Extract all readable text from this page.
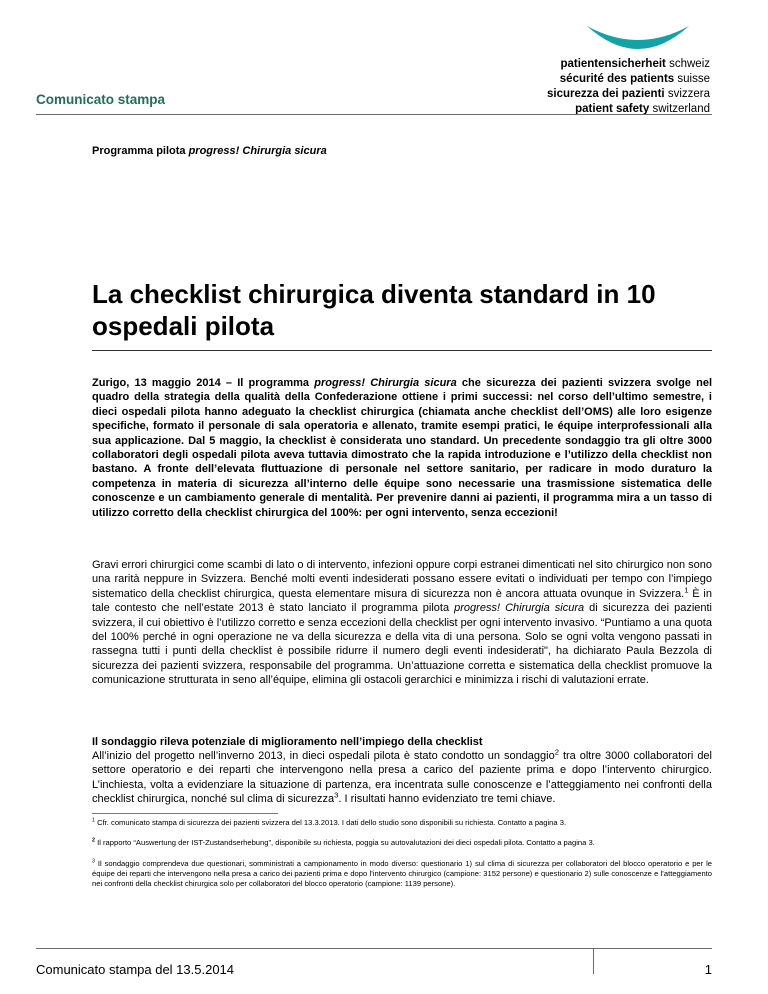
patientensicherheit schweiz
sécurité des patients suisse
sicurezza dei pazienti svizzera
patient safety switzerland
Comunicato stampa
Programma pilota progress! Chirurgia sicura
La checklist chirurgica diventa standard in 10 ospedali pilota

Zurigo, 13 maggio 2014 – Il programma progress! Chirurgia sicura che sicurezza dei pazienti svizzera svolge nel quadro della strategia della qualità della Confederazione ottiene i primi successi: nel corso dell’ultimo semestre, i dieci ospedali pilota hanno adeguato la checklist chirurgica (chiamata anche checklist dell’OMS) alle loro esigenze specifiche, formato il personale di sala operatoria e allenato, tramite esempi pratici, le équipe interprofessionali alla sua applicazione. Dal 5 maggio, la checklist è considerata uno standard. Un precedente sondaggio tra gli oltre 3000 collaboratori degli ospedali pilota aveva tuttavia dimostrato che la rapida introduzione e l’utilizzo della checklist non bastano. A fronte dell’elevata fluttuazione di personale nel settore sanitario, per radicare in modo duraturo la competenza in materia di sicurezza all’interno delle équipe sono necessarie una trasmissione sistematica delle conoscenze e un cambiamento generale di mentalità. Per prevenire danni ai pazienti, il programma mira a un tasso di utilizzo corretto della checklist chirurgica del 100%: per ogni intervento, senza eccezioni!

Gravi errori chirurgici come scambi di lato o di intervento, infezioni oppure corpi estranei dimenticati nel sito chirurgico non sono una rarità neppure in Svizzera. Benché molti eventi indesiderati possano essere evitati o individuati per tempo con l’impiego sistematico della checklist chirurgica, questa elementare misura di sicurezza non è ancora attuata ovunque in Svizzera.$^1$ È in tale contesto che nell’estate 2013 è stato lanciato il programma pilota progress! Chirurgia sicura di sicurezza dei pazienti svizzera, il cui obiettivo è l’utilizzo corretto e senza eccezioni della checklist per ogni intervento invasivo. “Puntiamo a una quota del 100% perché in ogni operazione ne va della sicurezza e della vita di una persona. Solo se ogni volta vengono passati in rassegna tutti i punti della checklist è possibile ridurre il numero degli eventi indesiderati", ha dichiarato Paula Bezzola di sicurezza dei pazienti svizzera, responsabile del programma. Un’attuazione corretta e sistematica della checklist promuove la comunicazione strutturata in seno all’équipe, elimina gli ostacoli gerarchici e minimizza i rischi di valutazioni errate.

Il sondaggio rileva potenziale di miglioramento nell’impiego della checklist

All’inizio del progetto nell’inverno 2013, in dieci ospedali pilota è stato condotto un sondaggio$^2$ tra oltre 3000 collaboratori del settore operatorio e dei reparti che intervengono nella presa a carico del paziente prima e dopo l’intervento chirurgico. L’inchiesta, volta a evidenziare la situazione di partenza, era incentrata sulle conoscenze e l’atteggiamento nei confronti della checklist chirurgica, nonché sul clima di sicurezza$^3$. I risultati hanno evidenziato tre temi chiave.

$^1$ Cfr. comunicato stampa di sicurezza dei pazienti svizzera del 13.3.2013. I dati dello studio sono disponibili su richiesta. Contatto a pagina 3.

$^2$ Il rapporto “Auswertung der IST-Zustandserhebung”, disponibile su richiesta, poggia su autovalutazioni dei dieci ospedali pilota. Contatto a pagina 3.

$^3$ Il sondaggio comprendeva due questionari, somministrati a campionamento in modo diverso: questionario 1) sul clima di sicurezza per collaboratori del blocco operatorio e per le équipe dei reparti che intervengono nella presa a carico dei pazienti prima e dopo l’intervento chirurgico (campione: 3152 persone) e questionario 2) sulle conoscenze e l’atteggiamento nei confronti della checklist chirurgica solo per collaboratori del blocco operatorio (campione: 1139 persone).

Comunicato stampa del 13.5.2014	1
